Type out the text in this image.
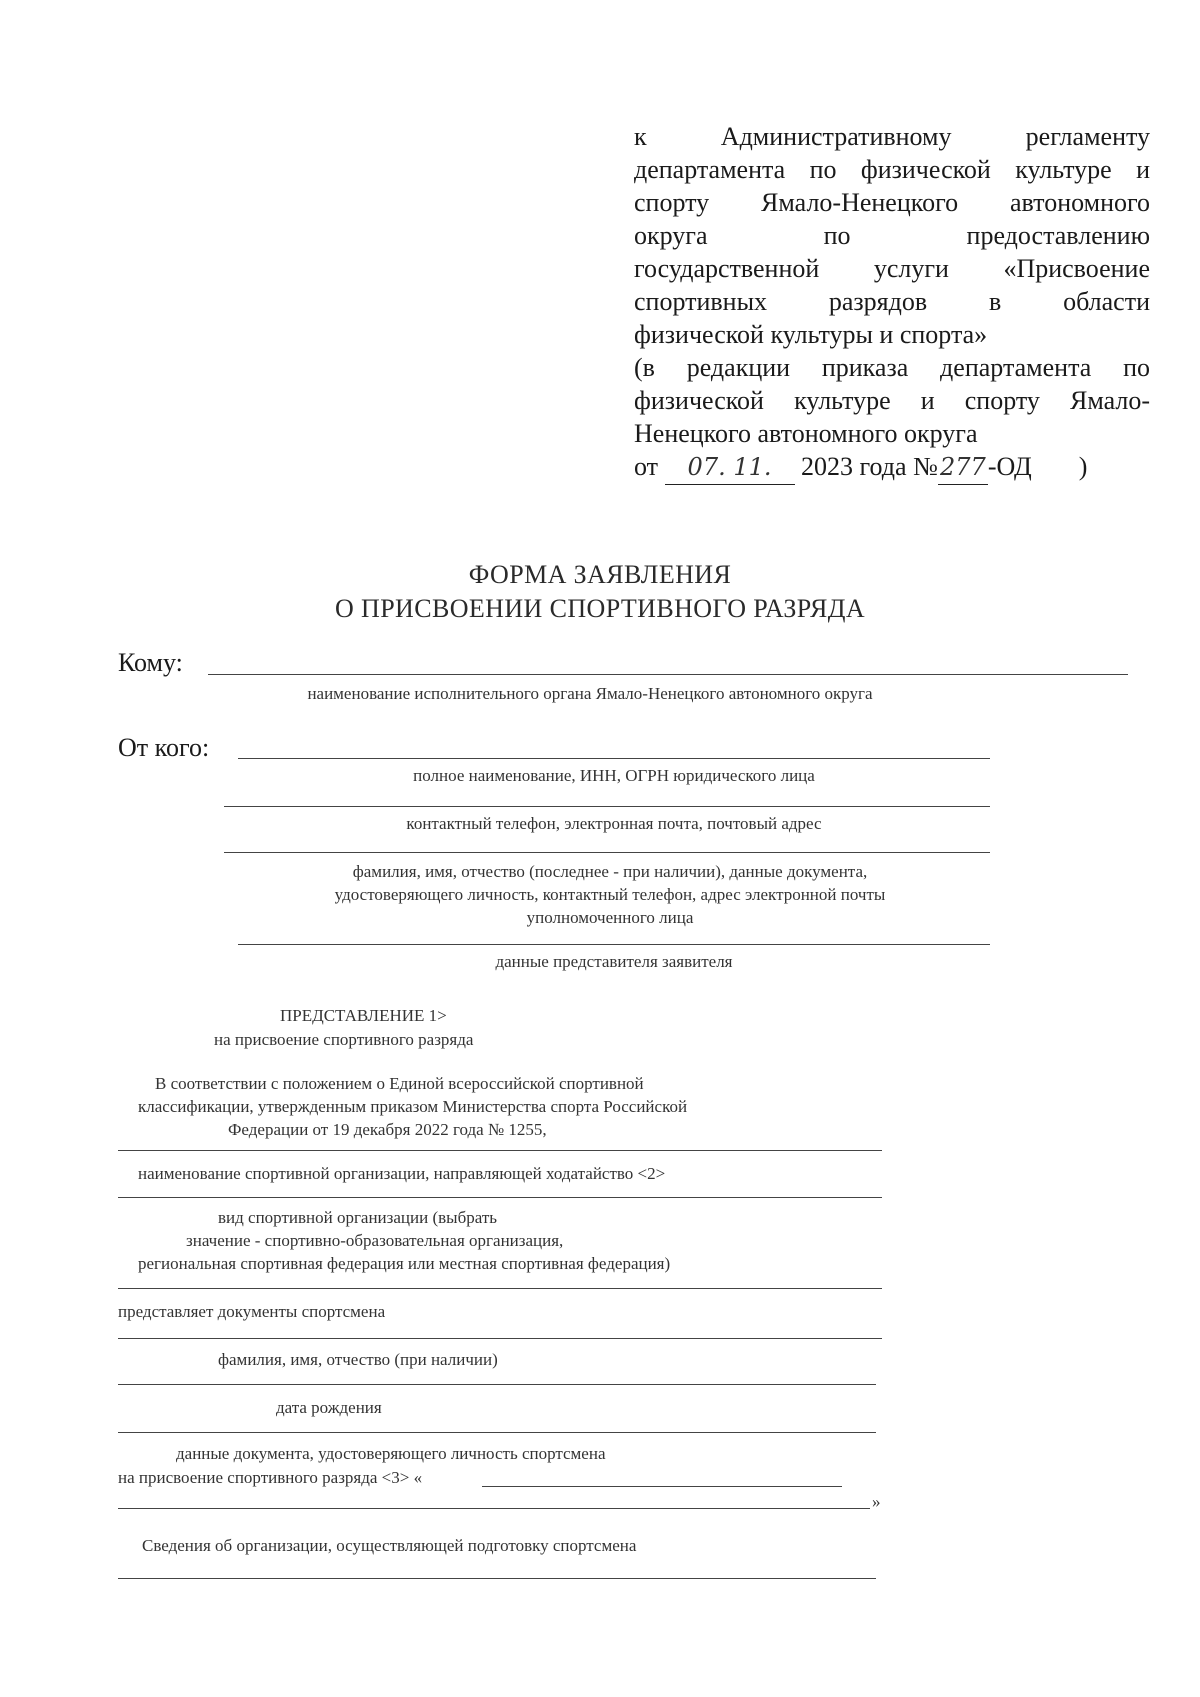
к Административному регламенту

департамента по физической культуре и

спорту Ямало-Ненецкого автономного

округа по предоставлению

государственной услуги «Присвоение

спортивных разрядов в области

физической культуры и спорта»

(в редакции приказа департамента по

физической культуре и спорту Ямало-

Ненецкого автономного округа

от 07. 11. 2023 года №277-ОД )

ФОРМА ЗАЯВЛЕНИЯ
О ПРИСВОЕНИИ СПОРТИВНОГО РАЗРЯДА
Кому:
наименование исполнительного органа Ямало-Ненецкого автономного округа
От кого:
полное наименование, ИНН, ОГРН юридического лица
контактный телефон, электронная почта, почтовый адрес
фамилия, имя, отчество (последнее - при наличии), данные документа,
удостоверяющего личность, контактный телефон, адрес электронной почты
уполномоченного лица
данные представителя заявителя
ПРЕДСТАВЛЕНИЕ 1>
на присвоение спортивного разряда
В соответствии с положением о Единой всероссийской спортивной
классификации, утвержденным приказом Министерства спорта Российской
Федерации от 19 декабря 2022 года № 1255,
наименование спортивной организации, направляющей ходатайство <2>
вид спортивной организации (выбрать
значение - спортивно-образовательная организация,
региональная спортивная федерация или местная спортивная федерация)
представляет документы спортсмена
фамилия, имя, отчество (при наличии)
дата рождения
данные документа, удостоверяющего личность спортсмена
на присвоение спортивного разряда <3> «
»
Сведения об организации, осуществляющей подготовку спортсмена
